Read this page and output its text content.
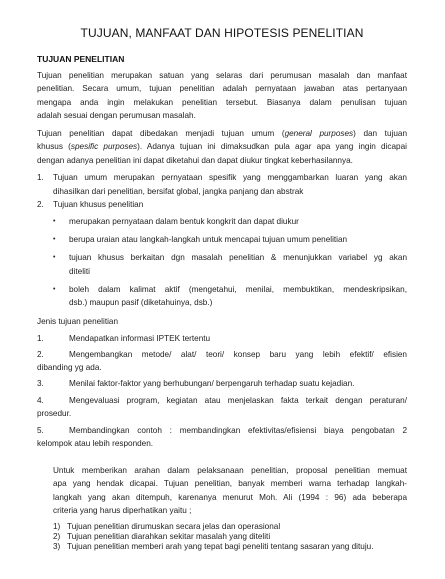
TUJUAN, MANFAAT DAN HIPOTESIS PENELITIAN
TUJUAN PENELITIAN
Tujuan penelitian merupakan satuan yang selaras dari perumusan masalah dan manfaat
penelitian. Secara umum, tujuan penelitian adalah pernyataan jawaban atas pertanyaan
mengapa anda ingin melakukan penelitian tersebut. Biasanya dalam penulisan tujuan
adalah sesuai dengan perumusan masalah.
Tujuan penelitian dapat dibedakan menjadi tujuan umum (general purposes) dan tujuan
khusus (spesific purposes). Adanya tujuan ini dimaksudkan pula agar apa yang ingin dicapai
dengan adanya penelitian ini dapat diketahui dan dapat diukur tingkat keberhasilannya.
1. Tujuan umum merupakan pernyataan spesifik yang menggambarkan luaran yang akan
dihasilkan dari penelitian, bersifat global, jangka panjang dan abstrak
2. Tujuan khusus penelitian
• merupakan pernyataan dalam bentuk kongkrit dan dapat diukur
• berupa uraian atau langkah-langkah untuk mencapai tujuan umum penelitian
• tujuan khusus berkaitan dgn masalah penelitian & menunjukkan variabel yg akan
diteliti
• boleh dalam kalimat aktif (mengetahui, menilai, membuktikan, mendeskripsikan,
dsb.) maupun pasif (diketahuinya, dsb.)
Jenis tujuan penelitian
1.	Mendapatkan informasi IPTEK tertentu
2.	Mengembangkan metode/ alat/ teori/ konsep baru yang lebih efektif/ efisien
dibanding yg ada.
3.	Menilai faktor-faktor yang berhubungan/ berpengaruh terhadap suatu kejadian.
4.	Mengevaluasi program, kegiatan atau menjelaskan fakta terkait dengan peraturan/
prosedur.
5.	Membandingkan contoh : membandingkan efektivitas/efisiensi biaya pengobatan 2
kelompok atau lebih responden.
Untuk memberikan arahan dalam pelaksanaan penelitian, proposal penelitian memuat
apa yang hendak dicapai. Tujuan penelitian, banyak memberi warna terhadap langkah-
langkah yang akan ditempuh, karenanya menurut Moh. Ali (1994 : 96) ada beberapa
criteria yang harus diperhatikan yaitu ;
1) Tujuan penelitian dirumuskan secara jelas dan operasional
2) Tujuan penelitian diarahkan sekitar masalah yang diteliti
3) Tujuan penelitian memberi arah yang tepat bagi peneliti tentang sasaran yang dituju.
